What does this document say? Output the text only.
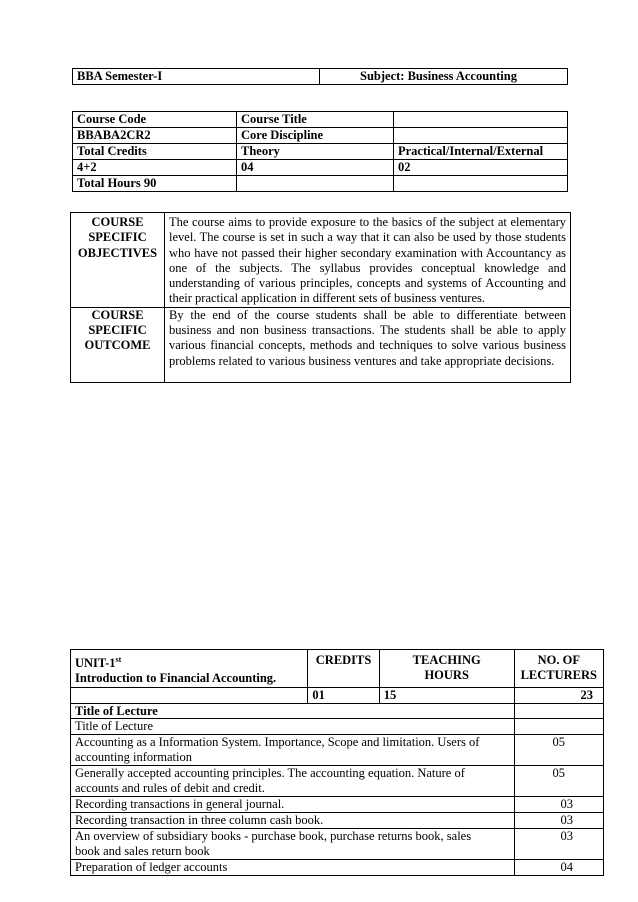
BBA Semester-I	Subject: Business Accounting
Course Code	Course Title	
BBABA2CR2	Core Discipline	
Total Credits	Theory	Practical/Internal/External
4+2	04	02
Total Hours 90		
COURSE SPECIFIC OBJECTIVES	The course aims to provide exposure to the basics of the subject at elementary level. The course is set in such a way that it can also be used by those students who have not passed their higher secondary examination with Accountancy as one of the subjects. The syllabus provides conceptual knowledge and understanding of various principles, concepts and systems of Accounting and their practical application in different sets of business ventures.
COURSE SPECIFIC OUTCOME	By the end of the course students shall be able to differentiate between business and non business transactions. The students shall be able to apply various financial concepts, methods and techniques to solve various business problems related to various business ventures and take appropriate decisions.
UNIT-1st
Introduction to Financial Accounting.	CREDITS	TEACHING HOURS	NO. OF LECTURERS
	01	15	23
Title of Lecture			
Title of Lecture			
Accounting as a Information System. Importance, Scope and limitation. Users of accounting information			05
Generally accepted accounting principles. The accounting equation. Nature of accounts and rules of debit and credit.			05
Recording transactions in general journal.			03
Recording transaction in three column cash book.			03
An overview of subsidiary books - purchase book, purchase returns book, sales book and sales return book			03
Preparation of ledger accounts			04
